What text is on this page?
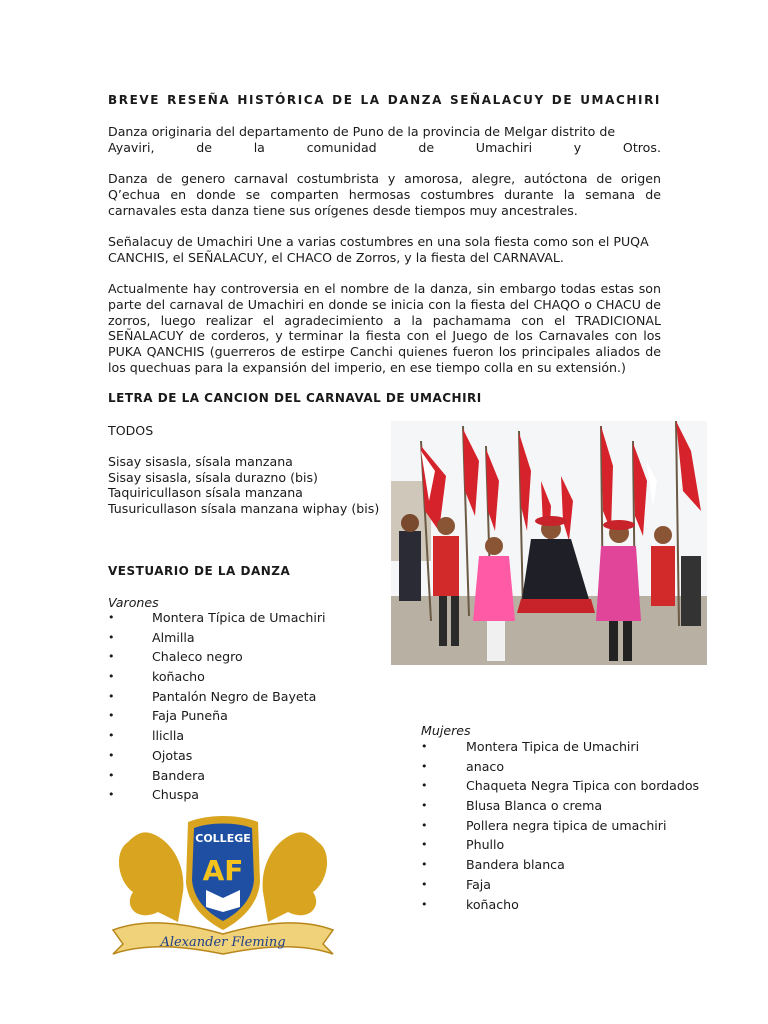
BREVE RESEÑA HISTÓRICA DE LA DANZA SEÑALACUY DE UMACHIRI
Danza originaria del departamento de Puno de la provincia de Melgar distrito de
Ayaviri,	de	la	comunidad	de	Umachiri	y	Otros.
Danza de genero carnaval costumbrista y amorosa, alegre, autóctona de origen Q’echua en donde se comparten hermosas costumbres durante la semana de carnavales esta danza tiene sus orígenes desde tiempos muy ancestrales.
Señalacuy de Umachiri Une a varias costumbres en una sola fiesta como son el PUQA CANCHIS, el SEÑALACUY, el CHACO de Zorros, y la fiesta del CARNAVAL.
Actualmente hay controversia en el nombre de la danza, sin embargo todas estas son parte del carnaval de Umachiri en donde se inicia con la fiesta del CHAQO o CHACU de zorros, luego realizar el agradecimiento a la pachamama con el TRADICIONAL SEÑALACUY de corderos, y terminar la fiesta con el Juego de los Carnavales con los PUKA QANCHIS (guerreros de estirpe Canchi quienes fueron los principales aliados de los quechuas para la expansión del imperio, en ese tiempo colla en su extensión.)
LETRA DE LA CANCION DEL CARNAVAL DE UMACHIRI
TODOS
Sisay sisasla, sísala manzana
Sisay sisasla, sísala durazno (bis)
Taquiricullason sísala manzana
Tusuricullason sísala manzana wiphay (bis)
VESTUARIO DE LA DANZA
Varones
•	Montera Típica de Umachiri
•	Almilla
•	Chaleco negro
•	koñacho
•	Pantalón Negro de Bayeta
•	Faja Puneña
•	lliclla
•	Ojotas
•	Bandera
•	Chuspa
Mujeres
•	Montera Tipica de Umachiri
•	anaco
•	Chaqueta Negra Tipica con bordados
•	Blusa Blanca o crema
•	Pollera negra tipica de umachiri
•	Phullo
•	Bandera blanca
•	Faja
•	koñacho
COLLEGE
AF
Alexander Fleming
